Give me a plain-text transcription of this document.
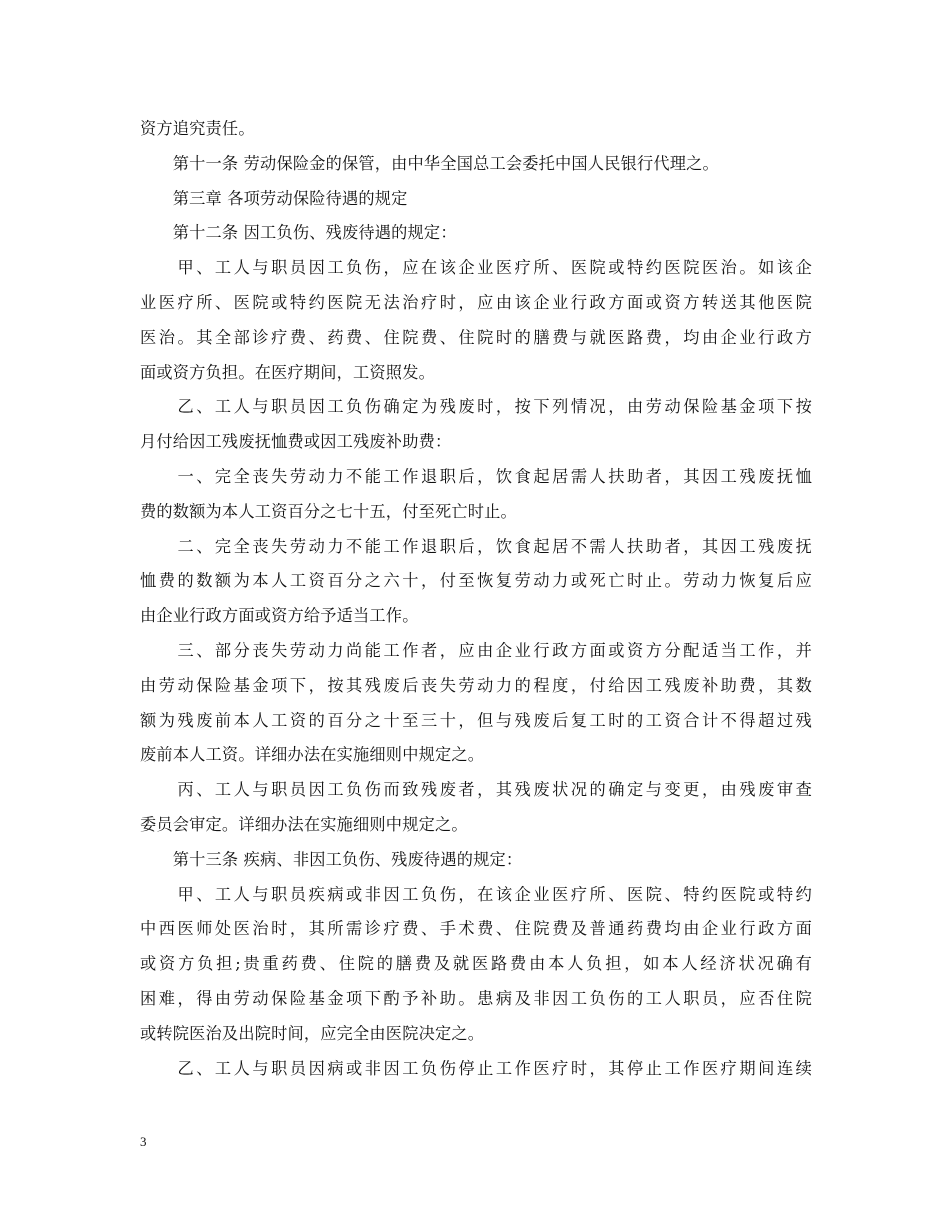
资方追究责任。
　　第十一条 劳动保险金的保管，由中华全国总工会委托中国人民银行代理之。
　　第三章 各项劳动保险待遇的规定
　　第十二条 因工负伤、残废待遇的规定：
　　甲、工人与职员因工负伤，应在该企业医疗所、医院或特约医院医治。如该企
业医疗所、医院或特约医院无法治疗时，应由该企业行政方面或资方转送其他医院
医治。其全部诊疗费、药费、住院费、住院时的膳费与就医路费，均由企业行政方
面或资方负担。在医疗期间，工资照发。
　　乙、工人与职员因工负伤确定为残废时，按下列情况，由劳动保险基金项下按
月付给因工残废抚恤费或因工残废补助费：
　　一、完全丧失劳动力不能工作退职后，饮食起居需人扶助者，其因工残废抚恤
费的数额为本人工资百分之七十五，付至死亡时止。
　　二、完全丧失劳动力不能工作退职后，饮食起居不需人扶助者，其因工残废抚
恤费的数额为本人工资百分之六十，付至恢复劳动力或死亡时止。劳动力恢复后应
由企业行政方面或资方给予适当工作。
　　三、部分丧失劳动力尚能工作者，应由企业行政方面或资方分配适当工作，并
由劳动保险基金项下，按其残废后丧失劳动力的程度，付给因工残废补助费，其数
额为残废前本人工资的百分之十至三十，但与残废后复工时的工资合计不得超过残
废前本人工资。详细办法在实施细则中规定之。
　　丙、工人与职员因工负伤而致残废者，其残废状况的确定与变更，由残废审查
委员会审定。详细办法在实施细则中规定之。
　　第十三条 疾病、非因工负伤、残废待遇的规定：
　　甲、工人与职员疾病或非因工负伤，在该企业医疗所、医院、特约医院或特约
中西医师处医治时，其所需诊疗费、手术费、住院费及普通药费均由企业行政方面
或资方负担;贵重药费、住院的膳费及就医路费由本人负担，如本人经济状况确有
困难，得由劳动保险基金项下酌予补助。患病及非因工负伤的工人职员，应否住院
或转院医治及出院时间，应完全由医院决定之。
　　乙、工人与职员因病或非因工负伤停止工作医疗时，其停止工作医疗期间连续
3
